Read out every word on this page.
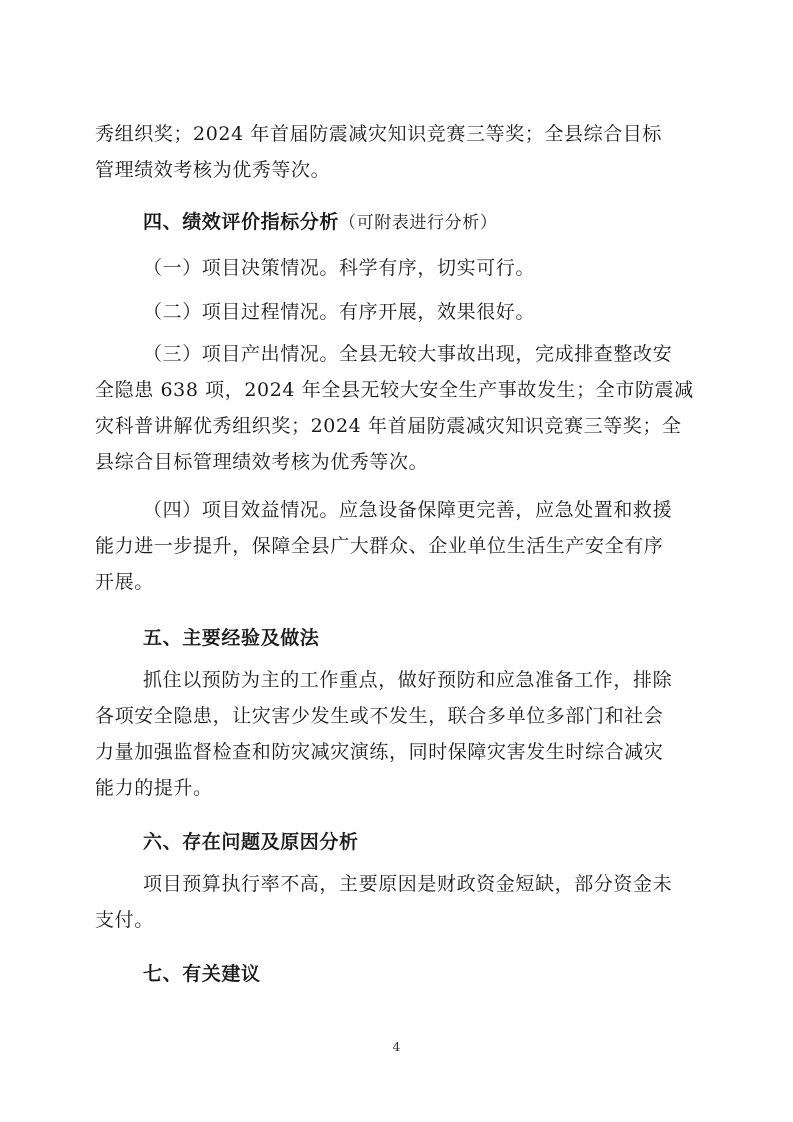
秀组织奖；2024 年首届防震减灾知识竞赛三等奖；全县综合目标
管理绩效考核为优秀等次。
四、绩效评价指标分析（可附表进行分析）
（一）项目决策情况。科学有序，切实可行。
（二）项目过程情况。有序开展，效果很好。
（三）项目产出情况。全县无较大事故出现，完成排查整改安
全隐患 638 项，2024 年全县无较大安全生产事故发生；全市防震减
灾科普讲解优秀组织奖；2024 年首届防震减灾知识竞赛三等奖；全
县综合目标管理绩效考核为优秀等次。
（四）项目效益情况。应急设备保障更完善，应急处置和救援
能力进一步提升，保障全县广大群众、企业单位生活生产安全有序
开展。
五、主要经验及做法
抓住以预防为主的工作重点，做好预防和应急准备工作，排除
各项安全隐患，让灾害少发生或不发生，联合多单位多部门和社会
力量加强监督检查和防灾减灾演练，同时保障灾害发生时综合减灾
能力的提升。
六、存在问题及原因分析
项目预算执行率不高，主要原因是财政资金短缺，部分资金未
支付。
七、有关建议
4
